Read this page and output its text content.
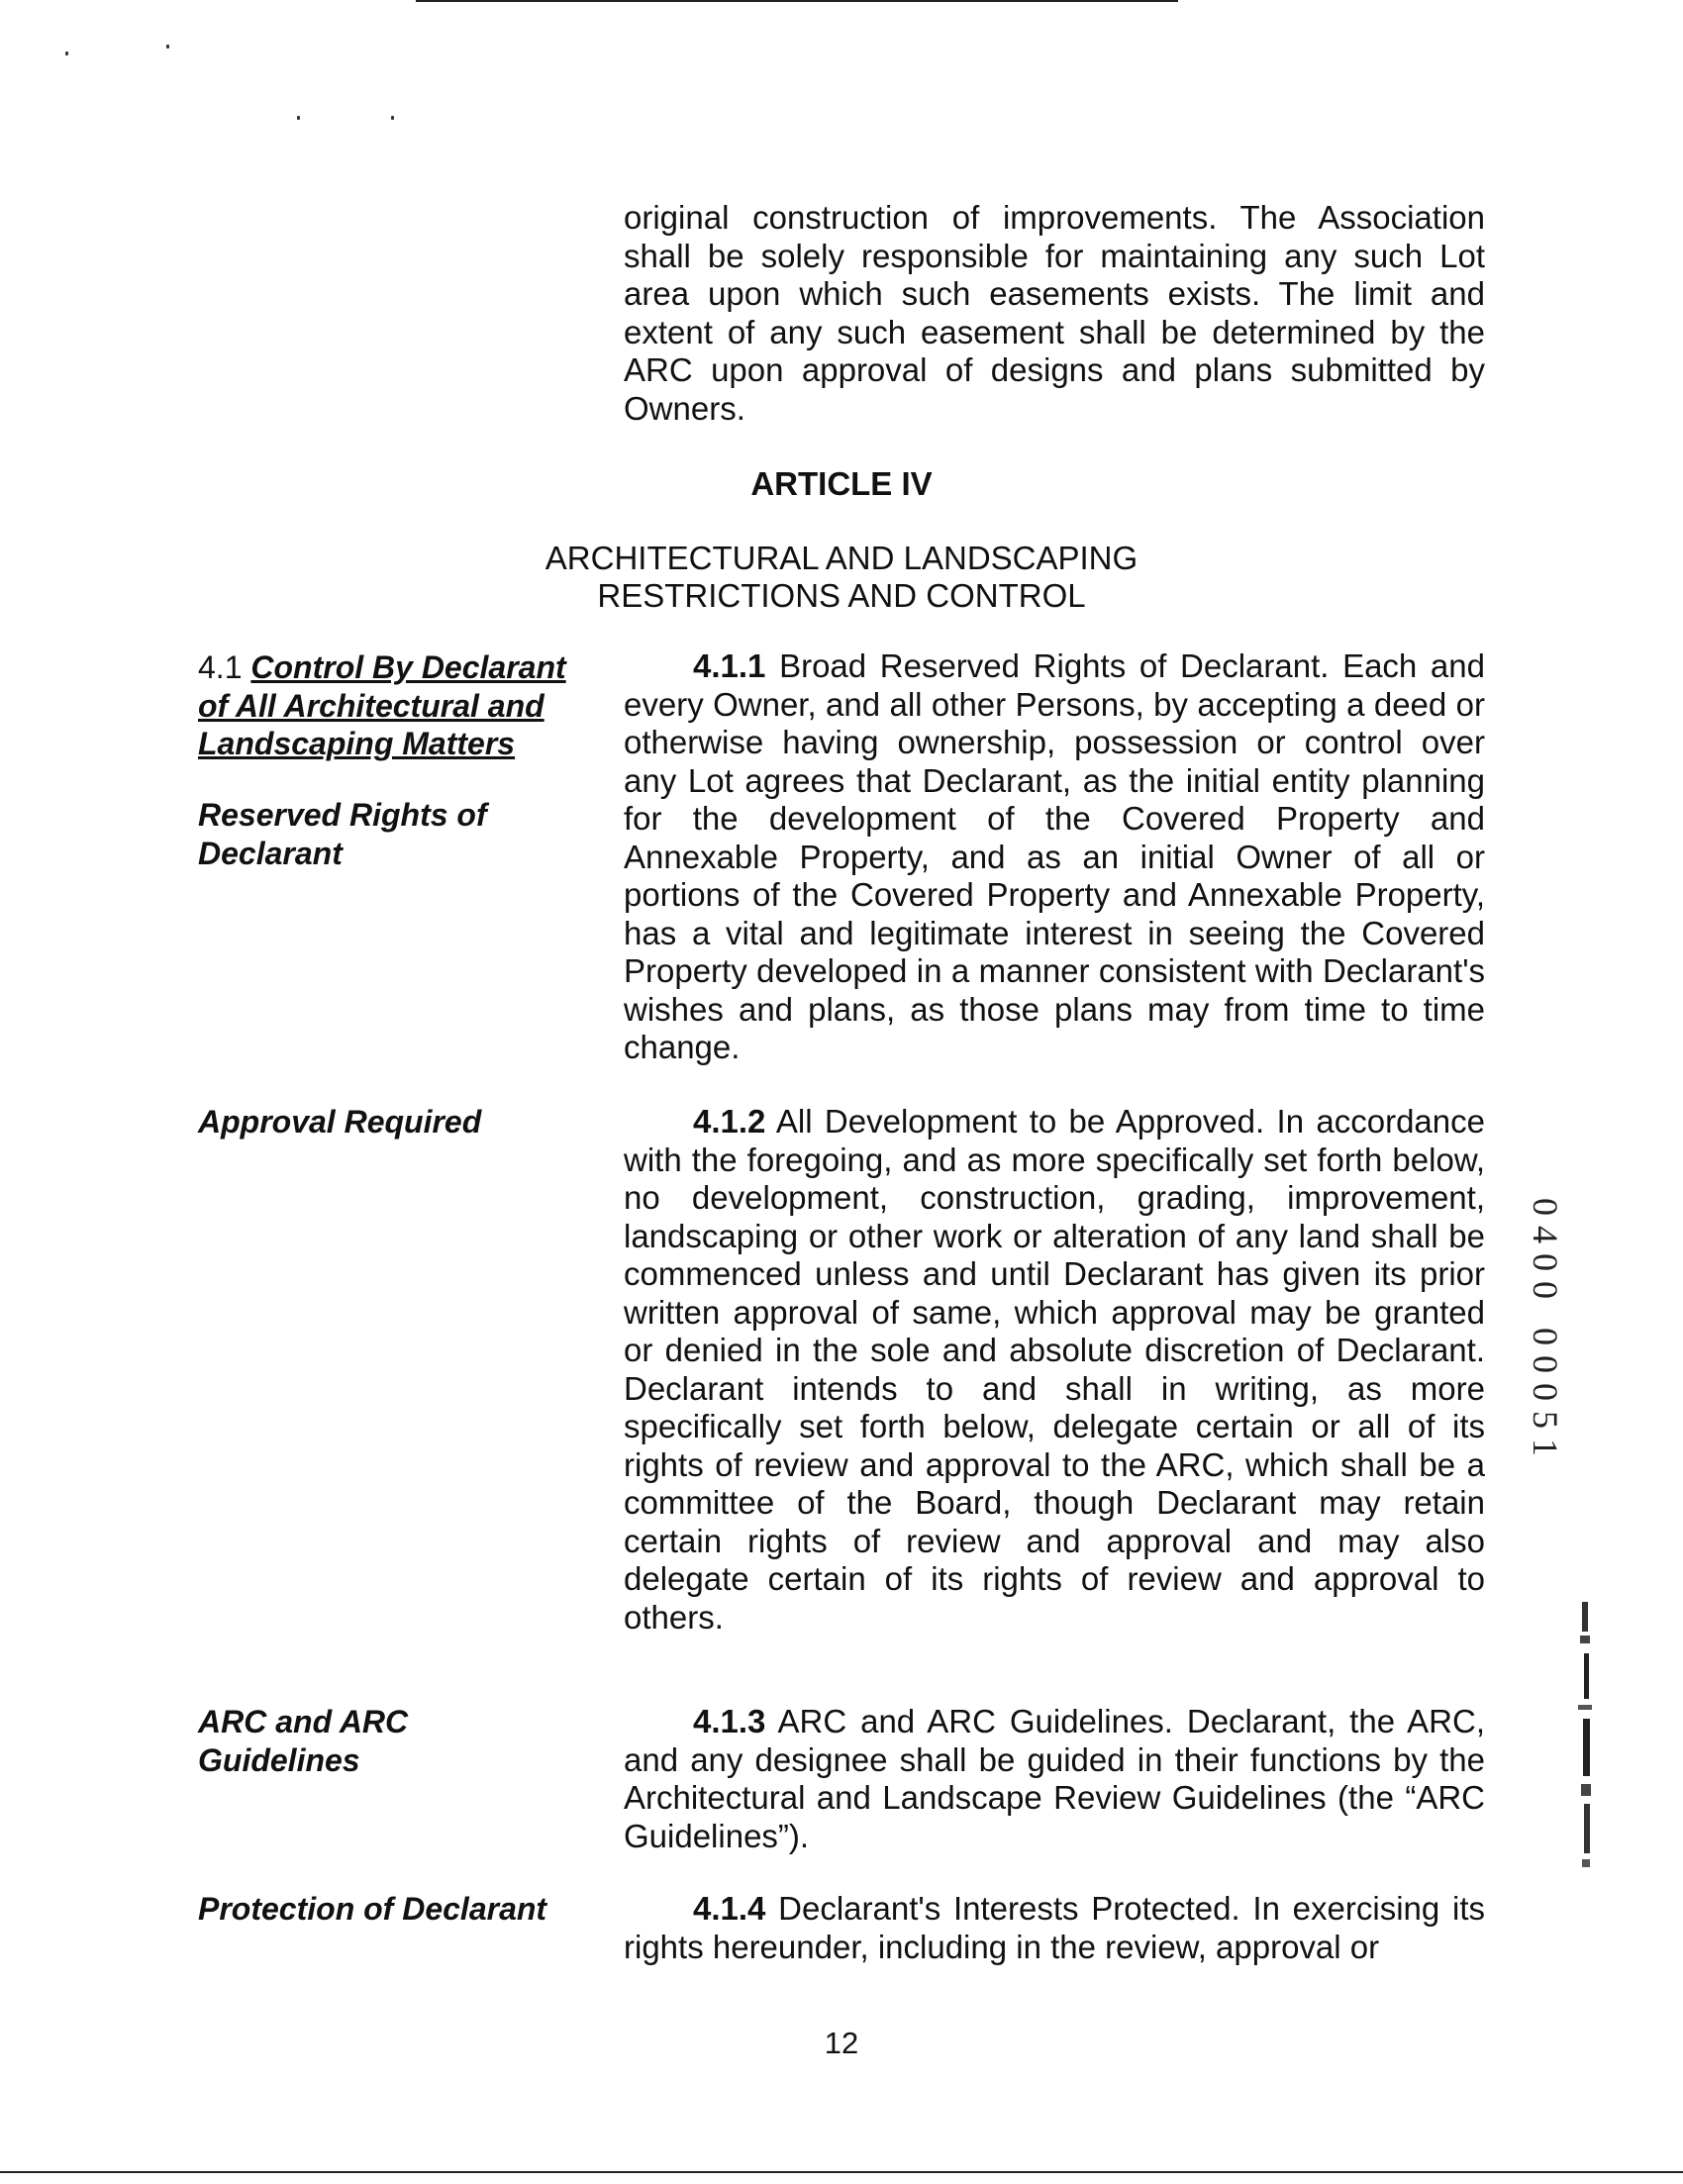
original construction of improvements. The Association shall be solely responsible for maintaining any such Lot area upon which such easements exists. The limit and extent of any such easement shall be determined by the ARC upon approval of designs and plans submitted by Owners.
ARTICLE IV
ARCHITECTURAL AND LANDSCAPING
RESTRICTIONS AND CONTROL
4.1 Control By Declarant of All Architectural and Landscaping Matters
Reserved Rights of Declarant
4.1.1 Broad Reserved Rights of Declarant. Each and every Owner, and all other Persons, by accepting a deed or otherwise having ownership, possession or control over any Lot agrees that Declarant, as the initial entity planning for the development of the Covered Property and Annexable Property, and as an initial Owner of all or portions of the Covered Property and Annexable Property, has a vital and legitimate interest in seeing the Covered Property developed in a manner consistent with Declarant's wishes and plans, as those plans may from time to time change.
Approval Required	4.1.2 All Development to be Approved. In accordance with the foregoing, and as more specifically set forth below, no development, construction, grading, improvement, landscaping or other work or alteration of any land shall be commenced unless and until Declarant has given its prior written approval of same, which approval may be granted or denied in the sole and absolute discretion of Declarant. Declarant intends to and shall in writing, as more specifically set forth below, delegate certain or all of its rights of review and approval to the ARC, which shall be a committee of the Board, though Declarant may retain certain rights of review and approval and may also delegate certain of its rights of review and approval to others.
ARC and ARC Guidelines
4.1.3 ARC and ARC Guidelines. Declarant, the ARC, and any designee shall be guided in their functions by the Architectural and Landscape Review Guidelines (the “ARC Guidelines”).
Protection of Declarant	4.1.4 Declarant's Interests Protected. In exercising its rights hereunder, including in the review, approval or
0400 00051
12
